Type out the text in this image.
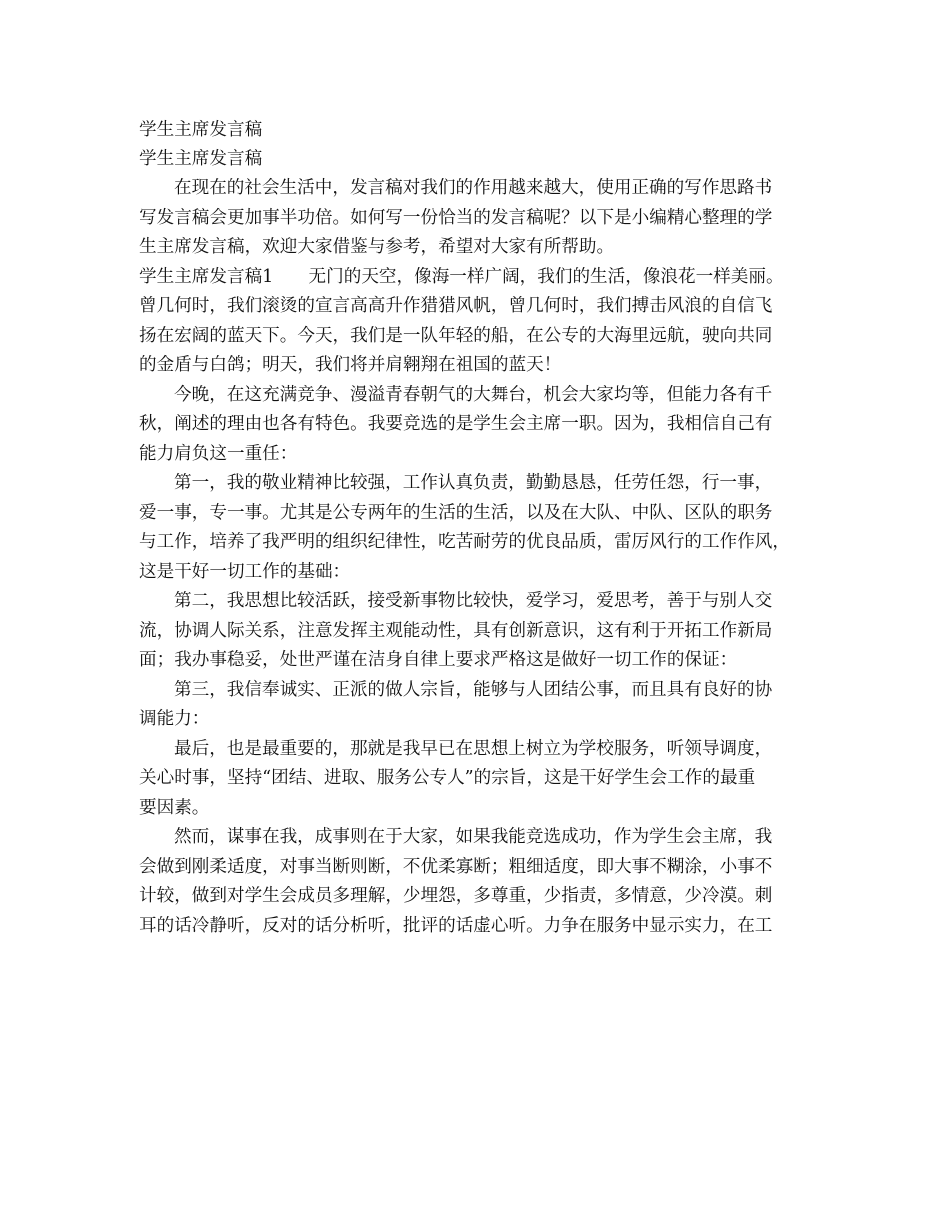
学生主席发言稿
学生主席发言稿
在现在的社会生活中，发言稿对我们的作用越来越大，使用正确的写作思路书
写发言稿会更加事半功倍。如何写一份恰当的发言稿呢？以下是小编精心整理的学
生主席发言稿，欢迎大家借鉴与参考，希望对大家有所帮助。
学生主席发言稿1　　无门的天空，像海一样广阔，我们的生活，像浪花一样美丽。
曾几何时，我们滚烫的宣言高高升作猎猎风帆，曾几何时，我们搏击风浪的自信飞
扬在宏阔的蓝天下。今天，我们是一队年轻的船，在公专的大海里远航，驶向共同
的金盾与白鸽；明天，我们将并肩翱翔在祖国的蓝天！
今晚，在这充满竞争、漫溢青春朝气的大舞台，机会大家均等，但能力各有千
秋，阐述的理由也各有特色。我要竞选的是学生会主席一职。因为，我相信自己有
能力肩负这一重任：
第一，我的敬业精神比较强，工作认真负责，勤勤恳恳，任劳任怨，行一事，
爱一事，专一事。尤其是公专两年的生活的生活，以及在大队、中队、区队的职务
与工作，培养了我严明的组织纪律性，吃苦耐劳的优良品质，雷厉风行的工作作风，
这是干好一切工作的基础：
第二，我思想比较活跃，接受新事物比较快，爱学习，爱思考，善于与别人交
流，协调人际关系，注意发挥主观能动性，具有创新意识，这有利于开拓工作新局
面；我办事稳妥，处世严谨在洁身自律上要求严格这是做好一切工作的保证：
第三，我信奉诚实、正派的做人宗旨，能够与人团结公事，而且具有良好的协
调能力：
最后，也是最重要的，那就是我早已在思想上树立为学校服务，听领导调度，
关心时事，坚持“团结、进取、服务公专人”的宗旨，这是干好学生会工作的最重
要因素。
然而，谋事在我，成事则在于大家，如果我能竞选成功，作为学生会主席，我
会做到刚柔适度，对事当断则断，不优柔寡断；粗细适度，即大事不糊涂，小事不
计较，做到对学生会成员多理解，少埋怨，多尊重，少指责，多情意，少冷漠。刺
耳的话冷静听，反对的话分析听，批评的话虚心听。力争在服务中显示实力，在工
